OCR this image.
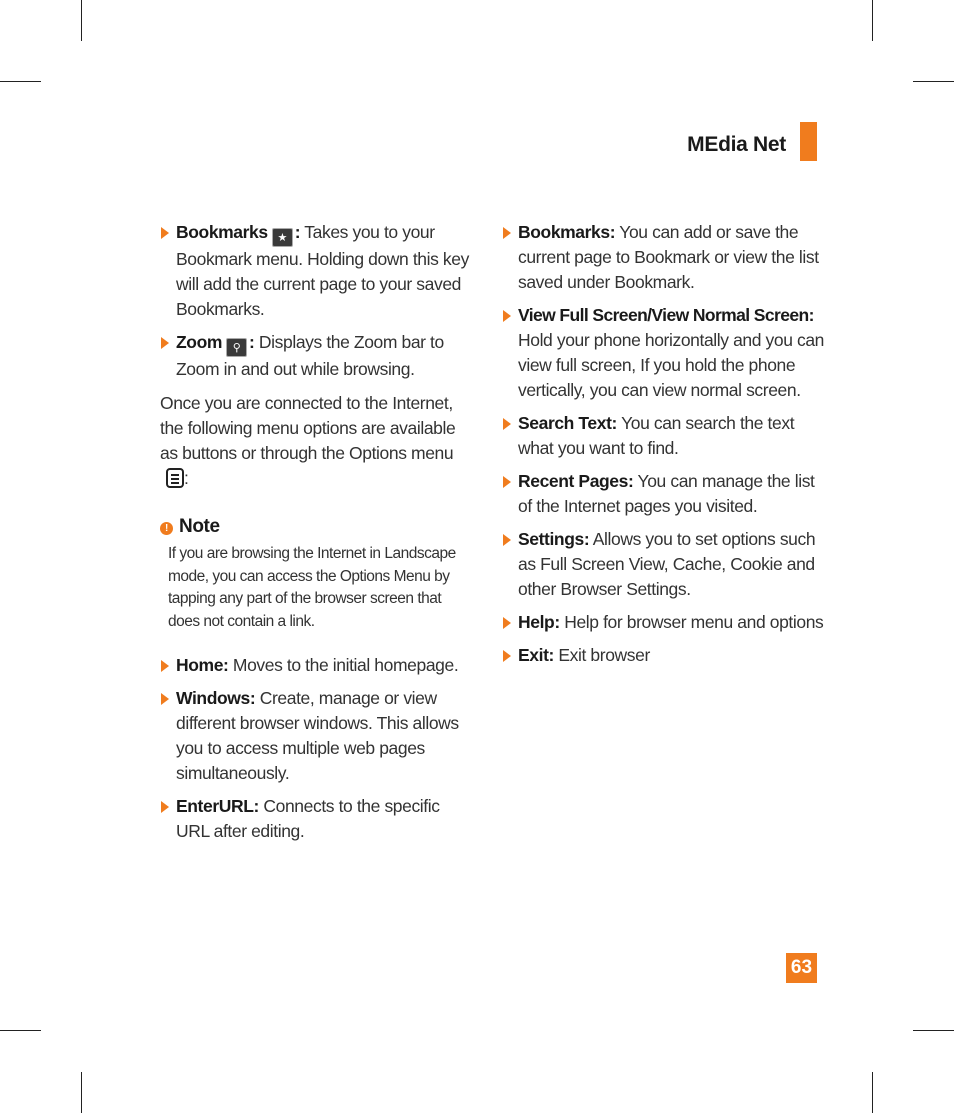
MEdia Net
Bookmarks ★ : Takes you to your Bookmark menu. Holding down this key will add the current page to your saved Bookmarks.
Zoom ⚲ : Displays the Zoom bar to Zoom in and out while browsing.

Once you are connected to the Internet, the following menu options are available as buttons or through the Options menu
:

! Note
If you are browsing the Internet in Landscape mode, you can access the Options Menu by tapping any part of the browser screen that does not contain a link.
Home: Moves to the initial homepage.
Windows: Create, manage or view different browser windows. This allows you to access multiple web pages simultaneously.
EnterURL: Connects to the specific URL after editing.
Bookmarks: You can add or save the current page to Bookmark or view the list saved under Bookmark.
View Full Screen/View Normal Screen: Hold your phone horizontally and you can view full screen, If you hold the phone vertically, you can view normal screen.
Search Text: You can search the text what you want to find.
Recent Pages: You can manage the list of the Internet pages you visited.
Settings: Allows you to set options such as Full Screen View, Cache, Cookie and other Browser Settings.
Help: Help for browser menu and options
Exit: Exit browser
63
